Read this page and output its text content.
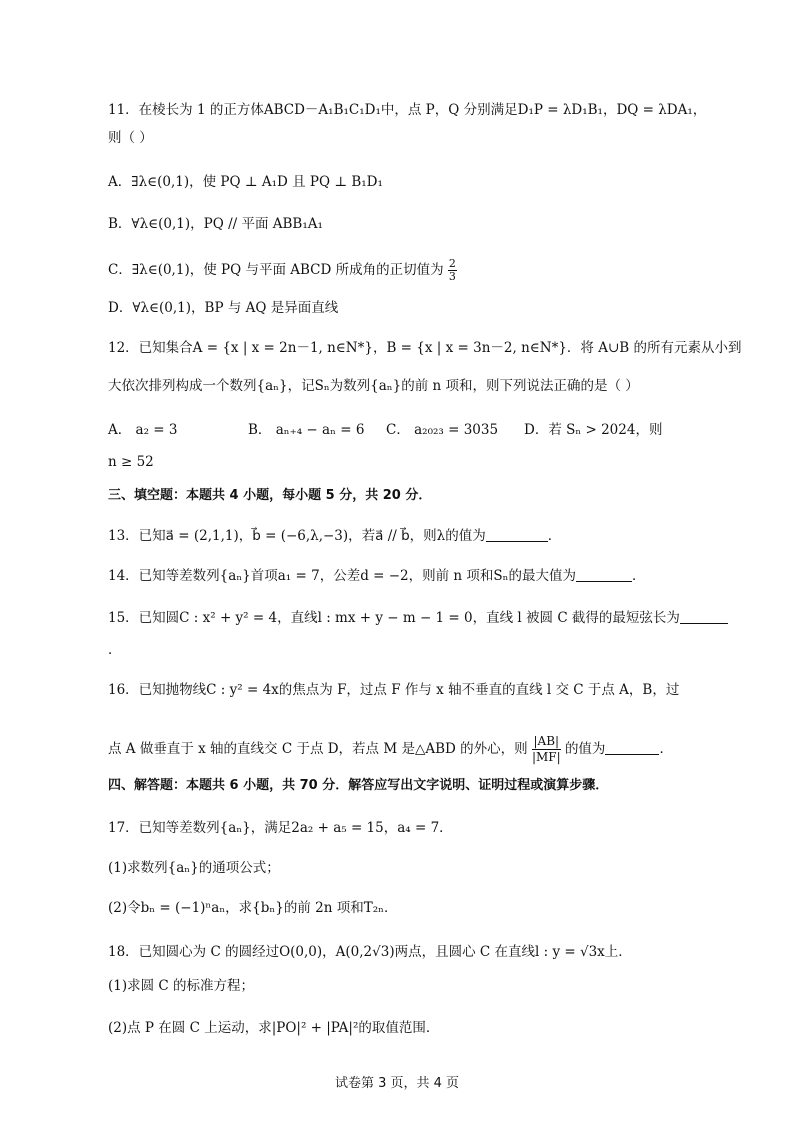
11．在棱长为 1 的正方体ABCD－A₁B₁C₁D₁中，点 P，Q 分别满足D₁P = λD₁B₁，DQ = λDA₁，
则（ ）
A．∃λ∈(0,1)，使 PQ ⊥ A₁D 且 PQ ⊥ B₁D₁
B．∀λ∈(0,1)，PQ // 平面 ABB₁A₁
C．∃λ∈(0,1)，使 PQ 与平面 ABCD 所成角的正切值为 $\frac{2}{3}$
D．∀λ∈(0,1)，BP 与 AQ 是异面直线
12．已知集合A = {x | x = 2n－1, n∈N*}，B = {x | x = 3n－2, n∈N*}．将 A∪B 的所有元素从小到
大依次排列构成一个数列{aₙ}，记Sₙ为数列{aₙ}的前 n 项和，则下列说法正确的是（ ）
A． a₂ = 3	B． aₙ₊₄ − aₙ = 6 C． a₂₀₂₃ = 3035 D．若 Sₙ > 2024，则
n ≥ 52
三、填空题：本题共 4 小题，每小题 5 分，共 20 分．
13．已知a⃗ = (2,1,1)，b⃗ = (−6,λ,−3)，若a⃗ // b⃗，则λ的值为	．
14．已知等差数列{aₙ}首项a₁ = 7，公差d = −2，则前 n 项和Sₙ的最大值为	．
15．已知圆C : x² + y² = 4，直线l : mx + y − m − 1 = 0，直线 l 被圆 C 截得的最短弦长为
．
16．已知抛物线C : y² = 4x的焦点为 F，过点 F 作与 x 轴不垂直的直线 l 交 C 于点 A，B，过
点 A 做垂直于 x 轴的直线交 C 于点 D，若点 M 是△ABD 的外心，则 $\frac{|AB|}{|MF|}$ 的值为	．
四、解答题：本题共 6 小题，共 70 分．解答应写出文字说明、证明过程或演算步骤．
17．已知等差数列{aₙ}，满足2a₂ + a₅ = 15，a₄ = 7．
(1)求数列{aₙ}的通项公式；
(2)令bₙ = (−1)ⁿaₙ，求{bₙ}的前 2n 项和T₂ₙ．
18．已知圆心为 C 的圆经过O(0,0)，A(0,2√3)两点，且圆心 C 在直线l : y = √3x上．
(1)求圆 C 的标准方程；
(2)点 P 在圆 C 上运动，求|PO|² + |PA|²的取值范围．
试卷第 3 页，共 4 页
